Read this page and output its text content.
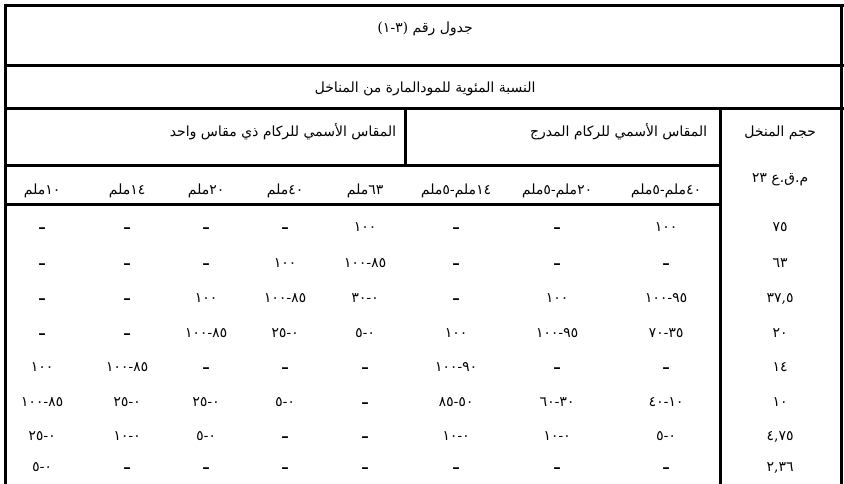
جدول رقم (٣-١)
النسبة المئوية للمودالمارة من المناخل
حجم المنخل
م.ق.ع ٢٣
المقاس الأسمي للركام المدرج
المقاس الأسمي للركام ذي مقاس واحد
٤٠ملم-٥ملم
٢٠ملم-٥ملم
١٤ملم-٥ملم
٦٣ملم
٤٠ملم
٢٠ملم
١٤ملم
١٠ملم
٧٥
١٠٠
–
–
١٠٠
–
–
–
–
٦٣
–
–
–
٨٥-١٠٠
١٠٠
–
–
–
٣٧,٥
٩٥-١٠٠
١٠٠
–
٠-٣٠
٨٥-١٠٠
١٠٠
–
–
٢٠
٣٥-٧٠
٩٥-١٠٠
١٠٠
٠-٥
٠-٢٥
٨٥-١٠٠
–
–
١٤
–
–
٩٠-١٠٠
–
–
–
٨٥-١٠٠
١٠٠
١٠
١٠-٤٠
٣٠-٦٠
٥٠-٨٥
–
٠-٥
٠-٢٥
٠-٢٥
٨٥-١٠٠
٤,٧٥
٠-٥
٠-١٠
٠-١٠
–
–
٠-٥
٠-١٠
٠-٢٥
٢,٣٦
–
–
–
–
–
–
–
٠-٥
